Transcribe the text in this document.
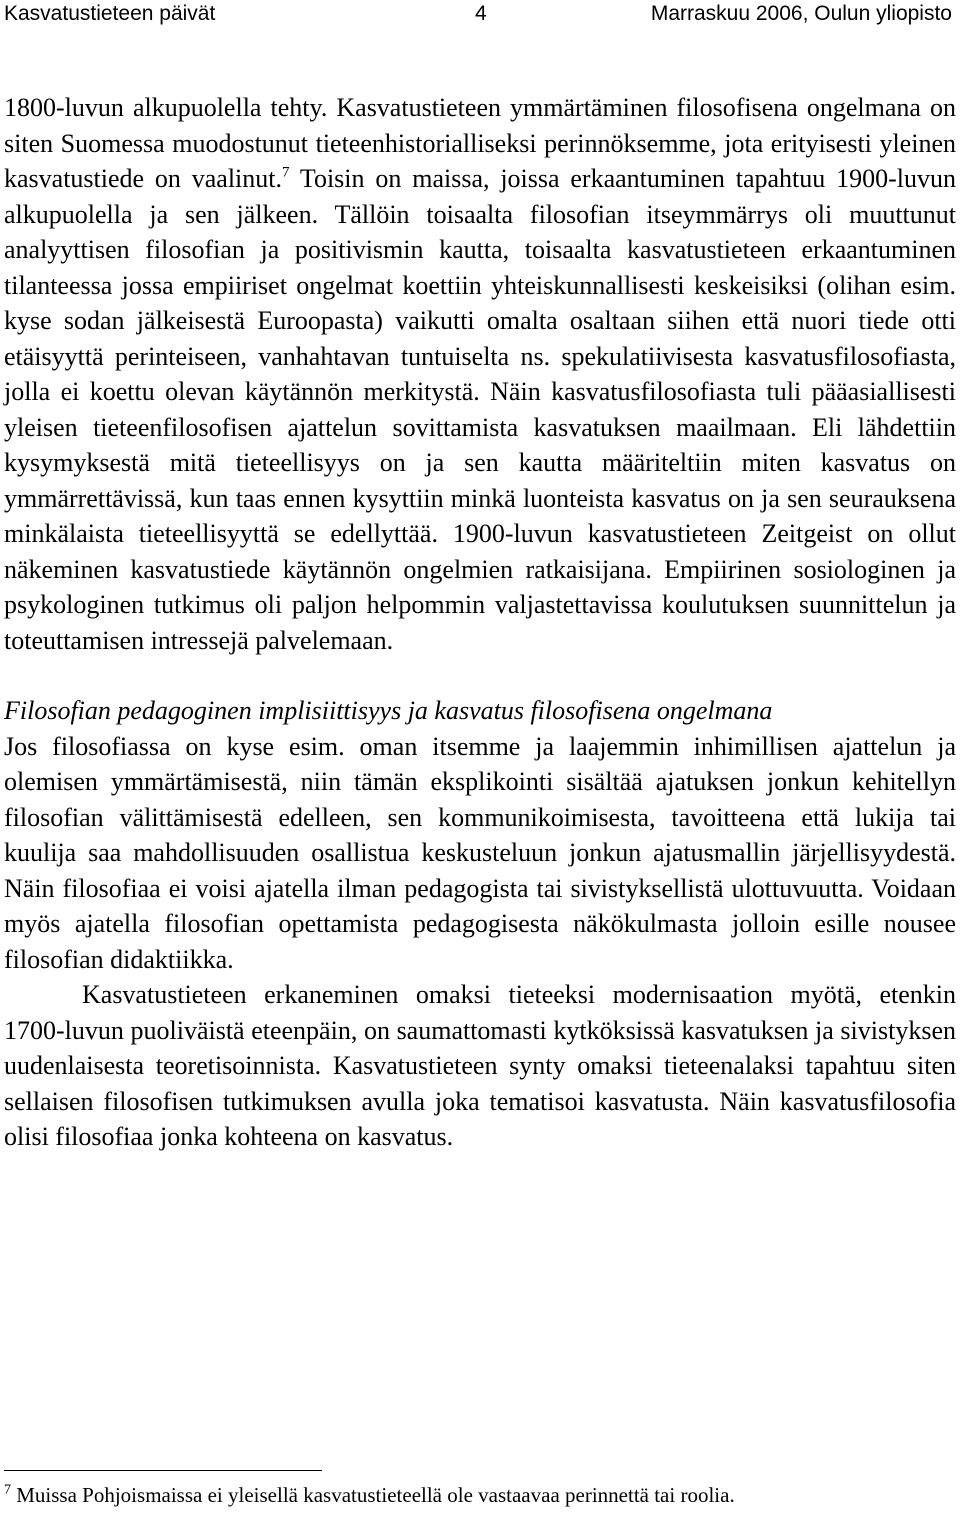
Kasvatustieteen päivät	4	Marraskuu 2006, Oulun yliopisto

1800-luvun alkupuolella tehty. Kasvatustieteen ymmärtäminen filosofisena ongelmana on siten Suomessa muodostunut tieteenhistorialliseksi perinnöksemme, jota erityisesti yleinen kasvatustiede on vaalinut.$^7$ Toisin on maissa, joissa erkaantuminen tapahtuu 1900-luvun alkupuolella ja sen jälkeen. Tällöin toisaalta filosofian itseymmärrys oli muuttunut analyyttisen filosofian ja positivismin kautta, toisaalta kasvatustieteen erkaantuminen tilanteessa jossa empiiriset ongelmat koettiin yhteiskunnallisesti keskeisiksi (olihan esim. kyse sodan jälkeisestä Euroopasta) vaikutti omalta osaltaan siihen että nuori tiede otti etäisyyttä perinteiseen, vanhahtavan tuntuiselta ns. spekulatiivisesta kasvatusfilosofiasta, jolla ei koettu olevan käytännön merkitystä. Näin kasvatusfilosofiasta tuli pääasiallisesti yleisen tieteenfilosofisen ajattelun sovittamista kasvatuksen maailmaan. Eli lähdettiin kysymyksestä mitä tieteellisyys on ja sen kautta määriteltiin miten kasvatus on ymmärrettävissä, kun taas ennen kysyttiin minkä luonteista kasvatus on ja sen seurauksena minkälaista tieteellisyyttä se edellyttää. 1900-luvun kasvatustieteen Zeitgeist on ollut näkeminen kasvatustiede käytännön ongelmien ratkaisijana. Empiirinen sosiologinen ja psykologinen tutkimus oli paljon helpommin valjastettavissa koulutuksen suunnittelun ja toteuttamisen intressejä palvelemaan.

Filosofian pedagoginen implisiittisyys ja kasvatus filosofisena ongelmana

Jos filosofiassa on kyse esim. oman itsemme ja laajemmin inhimillisen ajattelun ja olemisen ymmärtämisestä, niin tämän eksplikointi sisältää ajatuksen jonkun kehitellyn filosofian välittämisestä edelleen, sen kommunikoimisesta, tavoitteena että lukija tai kuulija saa mahdollisuuden osallistua keskusteluun jonkun ajatusmallin järjellisyydestä. Näin filosofiaa ei voisi ajatella ilman pedagogista tai sivistyksellistä ulottuvuutta. Voidaan myös ajatella filosofian opettamista pedagogisesta näkökulmasta jolloin esille nousee filosofian didaktiikka.

Kasvatustieteen erkaneminen omaksi tieteeksi modernisaation myötä, etenkin 1700-luvun puoliväistä eteenpäin, on saumattomasti kytköksissä kasvatuksen ja sivistyksen uudenlaisesta teoretisoinnista. Kasvatustieteen synty omaksi tieteenalaksi tapahtuu siten sellaisen filosofisen tutkimuksen avulla joka tematisoi kasvatusta. Näin kasvatusfilosofia olisi filosofiaa jonka kohteena on kasvatus.

$^7$ Muissa Pohjoismaissa ei yleisellä kasvatustieteellä ole vastaavaa perinnettä tai roolia.
